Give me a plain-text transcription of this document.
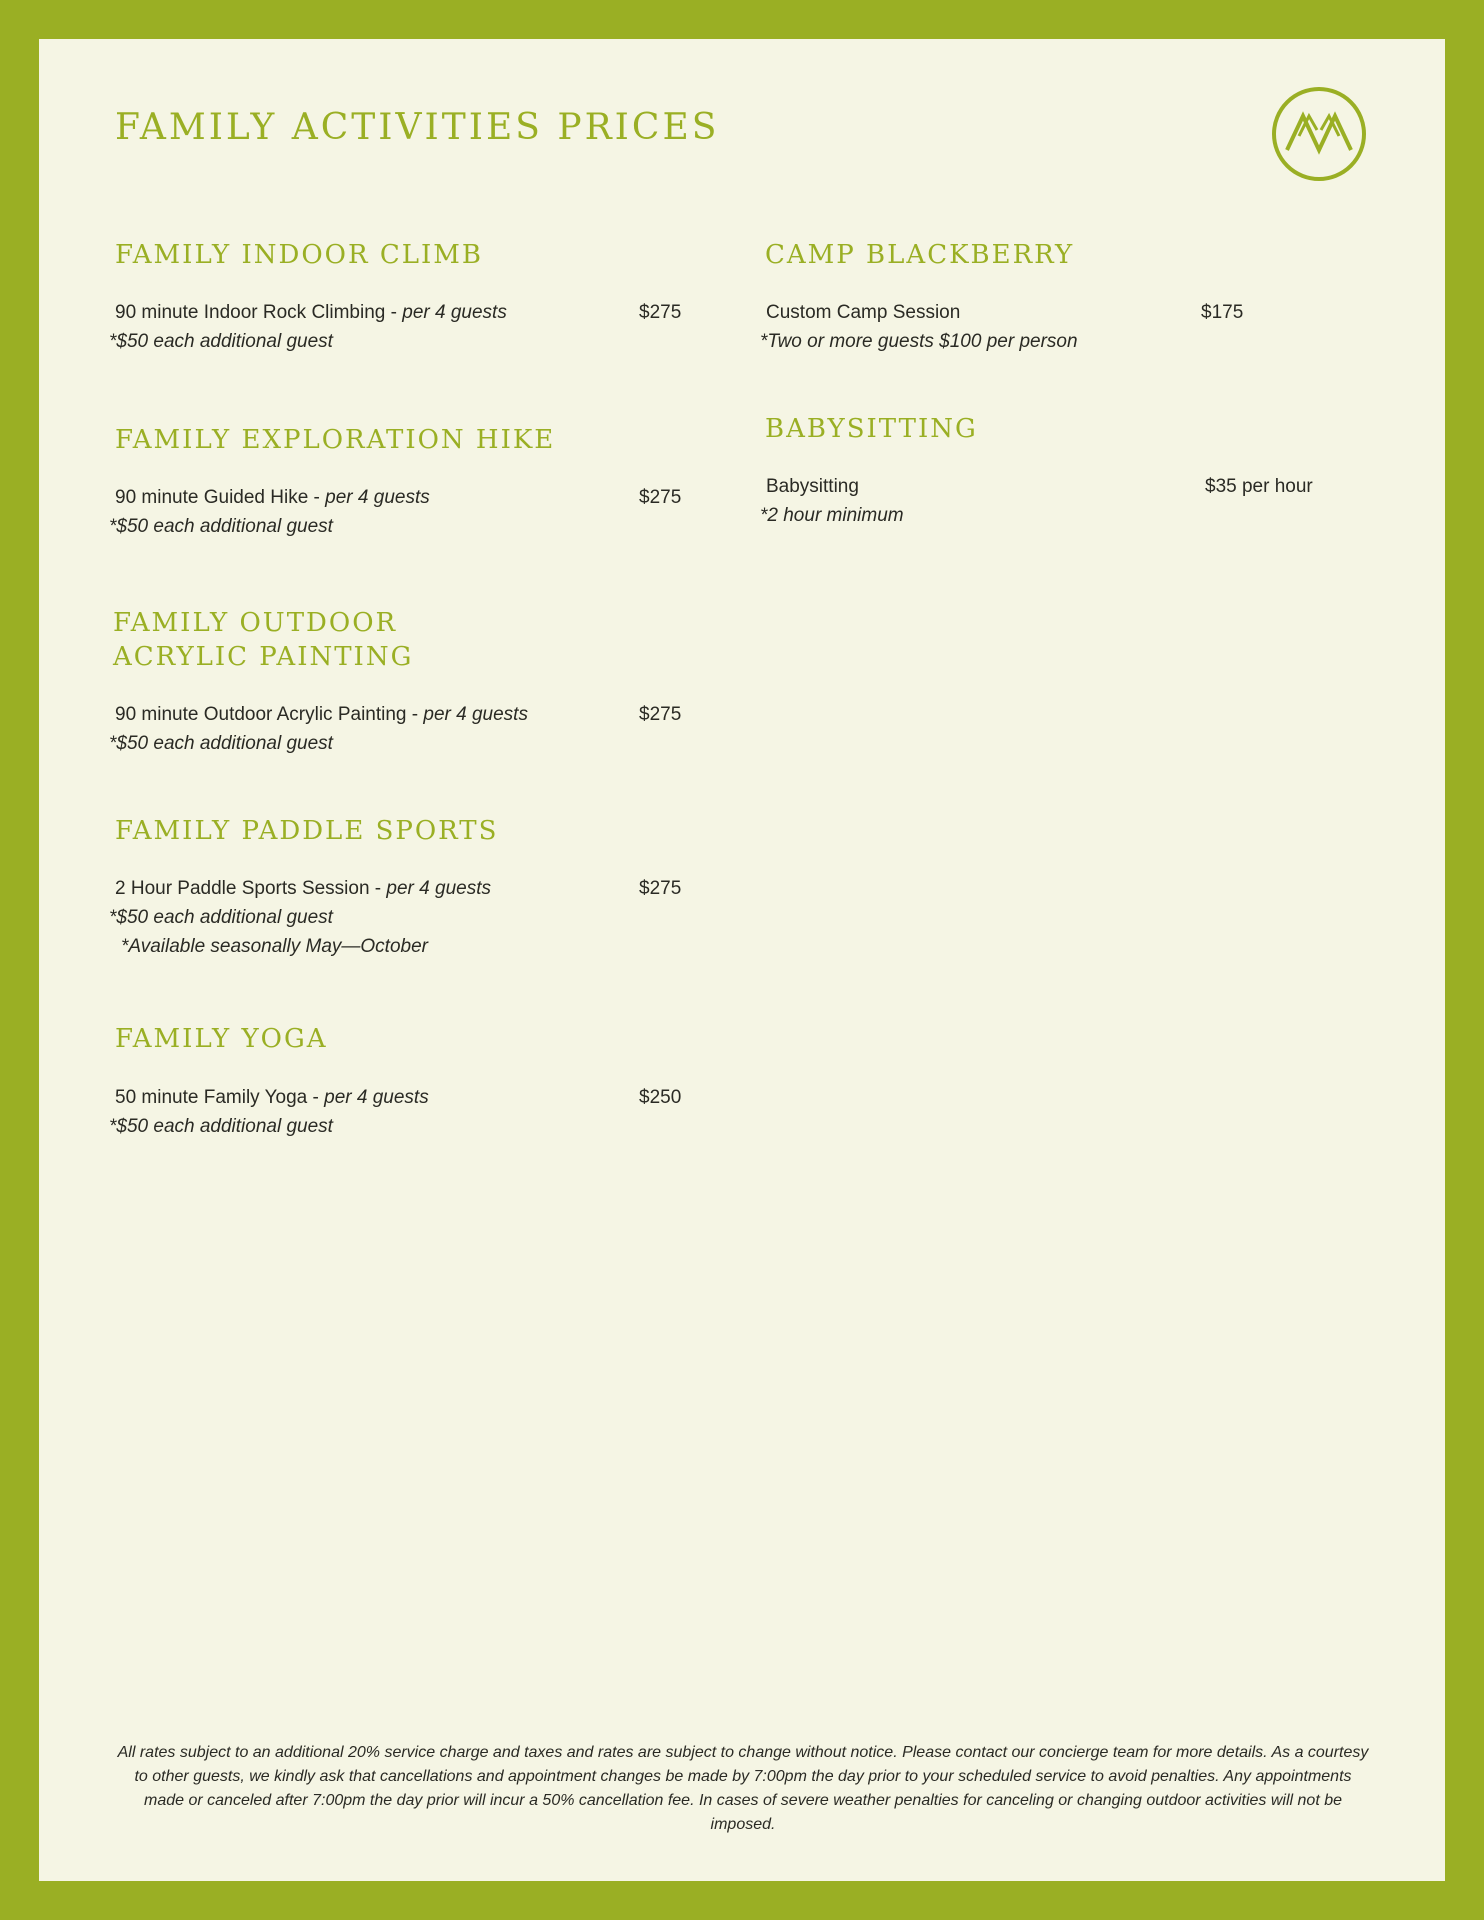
FAMILY ACTIVITIES PRICES
FAMILY INDOOR CLIMB
90 minute Indoor Rock Climbing - per 4 guests	$275
*$50 each additional guest
FAMILY EXPLORATION HIKE
90 minute Guided Hike - per 4 guests	$275
*$50 each additional guest
FAMILY OUTDOOR ACRYLIC PAINTING
90 minute Outdoor Acrylic Painting - per 4 guests	$275
*$50 each additional guest
FAMILY PADDLE SPORTS
2 Hour Paddle Sports Session - per 4 guests	$275
*$50 each additional guest
*Available seasonally May—October
FAMILY YOGA
50 minute Family Yoga - per 4 guests	$250
*$50 each additional guest
CAMP BLACKBERRY
Custom Camp Session	$175
*Two or more guests $100 per person
BABYSITTING
Babysitting	$35 per hour
*2 hour minimum

All rates subject to an additional 20% service charge and taxes and rates are subject to change without notice. Please contact our concierge team for more details. As a courtesy to other guests, we kindly ask that cancellations and appointment changes be made by 7:00pm the day prior to your scheduled service to avoid penalties. Any appointments made or canceled after 7:00pm the day prior will incur a 50% cancellation fee. In cases of severe weather penalties for canceling or changing outdoor activities will not be imposed.
